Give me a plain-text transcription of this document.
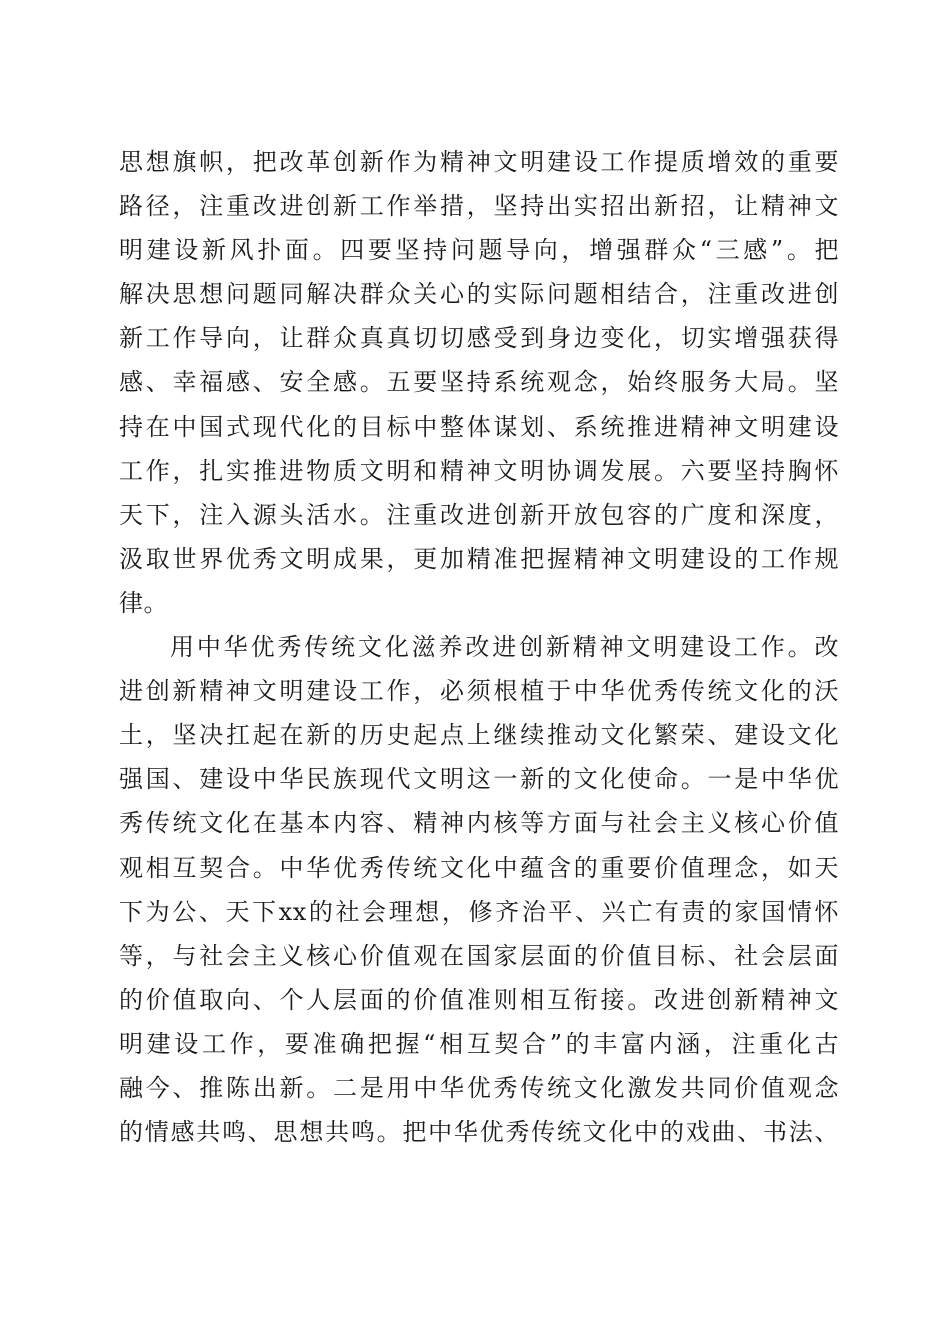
思想旗帜，把改革创新作为精神文明建设工作提质增效的重要
路径，注重改进创新工作举措，坚持出实招出新招，让精神文
明建设新风扑面。四要坚持问题导向，增强群众“三感”。把
解决思想问题同解决群众关心的实际问题相结合，注重改进创
新工作导向，让群众真真切切感受到身边变化，切实增强获得
感、幸福感、安全感。五要坚持系统观念，始终服务大局。坚
持在中国式现代化的目标中整体谋划、系统推进精神文明建设
工作，扎实推进物质文明和精神文明协调发展。六要坚持胸怀
天下，注入源头活水。注重改进创新开放包容的广度和深度，
汲取世界优秀文明成果，更加精准把握精神文明建设的工作规
律。
用中华优秀传统文化滋养改进创新精神文明建设工作。改
进创新精神文明建设工作，必须根植于中华优秀传统文化的沃
土，坚决扛起在新的历史起点上继续推动文化繁荣、建设文化
强国、建设中华民族现代文明这一新的文化使命。一是中华优
秀传统文化在基本内容、精神内核等方面与社会主义核心价值
观相互契合。中华优秀传统文化中蕴含的重要价值理念，如天
下为公、天下xx的社会理想，修齐治平、兴亡有责的家国情怀
等，与社会主义核心价值观在国家层面的价值目标、社会层面
的价值取向、个人层面的价值准则相互衔接。改进创新精神文
明建设工作，要准确把握“相互契合”的丰富内涵，注重化古
融今、推陈出新。二是用中华优秀传统文化激发共同价值观念
的情感共鸣、思想共鸣。把中华优秀传统文化中的戏曲、书法、
